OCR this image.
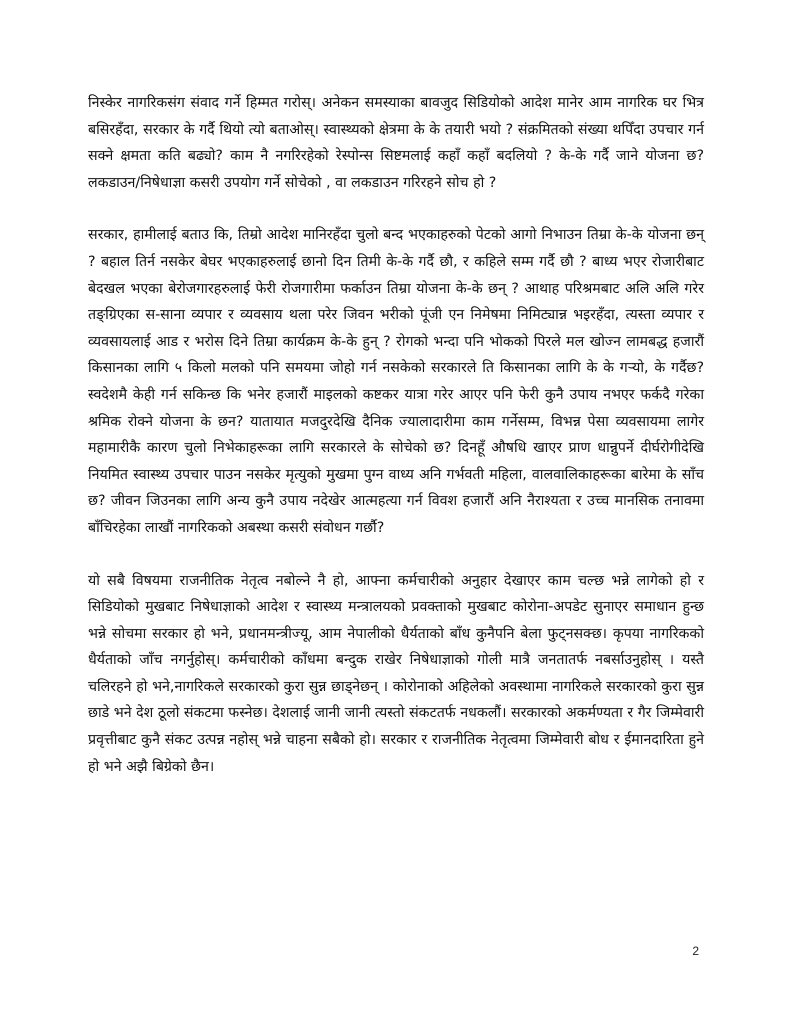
निस्केर नागरिकसंग संवाद गर्ने हिम्मत गरोस्। अनेकन समस्याका बावजुद सिडियोको आदेश मानेर आम नागरिक घर भित्र बसिरहँदा, सरकार के गर्दै थियो त्यो बताओस्। स्वास्थ्यको क्षेत्रमा के के तयारी भयो ? संक्रमितको संख्या थपिँदा उपचार गर्न सक्ने क्षमता कति बढ्यो? काम नै नगरिरहेको रेस्पोन्स सिष्टमलाई कहाँ कहाँ बदलियो ? के-के गर्दै जाने योजना छ? लकडाउन/निषेधाज्ञा कसरी उपयोग गर्ने सोचेको , वा लकडाउन गरिरहने सोच हो ?

सरकार, हामीलाई बताउ कि, तिम्रो आदेश मानिरहँदा चुलो बन्द भएकाहरुको पेटको आगो निभाउन तिम्रा के-के योजना छन् ? बहाल तिर्न नसकेर बेघर भएकाहरुलाई छानो दिन तिमी के-के गर्दै छौ, र कहिले सम्म गर्दै छौ ? बाध्य भएर रोजारीबाट बेदखल भएका बेरोजगारहरुलाई फेरी रोजगारीमा फर्काउन तिम्रा योजना के-के छन् ? आथाह परिश्रमबाट अलि अलि गरेर तङ्ग्रिएका स-साना व्यपार र व्यवसाय थला परेर जिवन भरीको पूंजी एन निमेषमा निमिट्यान्न भइरहँदा, त्यस्ता व्यपार र व्यवसायलाई आड र भरोस दिने तिम्रा कार्यक्रम के-के हुन् ? रोगको भन्दा पनि भोकको पिरले मल खोज्न लामबद्ध हजारौं किसानका लागि ५ किलो मलको पनि समयमा जोहो गर्न नसकेको सरकारले ति किसानका लागि के के गऱ्यो, के गर्दैछ? स्वदेशमै केही गर्न सकिन्छ कि भनेर हजारौं माइलको कष्टकर यात्रा गरेर आएर पनि फेरी कुनै उपाय नभएर फर्कदै गरेका श्रमिक रोक्ने योजना के छन? यातायात मजदुरदेखि दैनिक ज्यालादारीमा काम गर्नेसम्म, विभन्न पेसा व्यवसायमा लागेर महामारीकै कारण चुलो निभेकाहरूका लागि सरकारले के सोचेको छ? दिनहूँ औषधि खाएर प्राण धान्नुपर्ने दीर्घरोगीदेखि नियमित स्वास्थ्य उपचार पाउन नसकेर मृत्युको मुखमा पुग्न वाध्य अनि गर्भवती महिला, वालवालिकाहरूका बारेमा के साँच छ? जीवन जिउनका लागि अन्य कुनै उपाय नदेखेर आत्महत्या गर्न विवश हजारौं अनि नैराश्यता र उच्च मानसिक तनावमा बाँचिरहेका लाखौं नागरिकको अबस्था कसरी संवोधन गर्छौ?

यो सबै विषयमा राजनीतिक नेतृत्व नबोल्ने नै हो, आफ्ना कर्मचारीको अनुहार देखाएर काम चल्छ भन्ने लागेको हो र सिडियोको मुखबाट निषेधाज्ञाको आदेश र स्वास्थ्य मन्त्रालयको प्रवक्ताको मुखबाट कोरोना-अपडेट सुनाएर समाधान हुन्छ भन्ने सोचमा सरकार हो भने, प्रधानमन्त्रीज्यू, आम नेपालीको धैर्यताको बाँध कुनैपनि बेला फुट्नसक्छ। कृपया नागरिकको धैर्यताको जाँच नगर्नुहोस्। कर्मचारीको काँधमा बन्दुक राखेर निषेधाज्ञाको गोली मात्रै जनतातर्फ नबर्साउनुहोस् । यस्तै चलिरहने हो भने,नागरिकले सरकारको कुरा सुन्न छाड्नेछन् । कोरोनाको अहिलेको अवस्थामा नागरिकले सरकारको कुरा सुन्न छाडे भने देश ठूलो संकटमा फस्नेछ। देशलाई जानी जानी त्यस्तो संकटतर्फ नधकलौं। सरकारको अकर्मण्यता र गैर जिम्मेवारी प्रवृत्तीबाट कुनै संकट उत्पन्न नहोस् भन्ने चाहना सबैको हो। सरकार र राजनीतिक नेतृत्वमा जिम्मेवारी बोध र ईमानदारिता हुने हो भने अझै बिग्रेको छैन।

2
